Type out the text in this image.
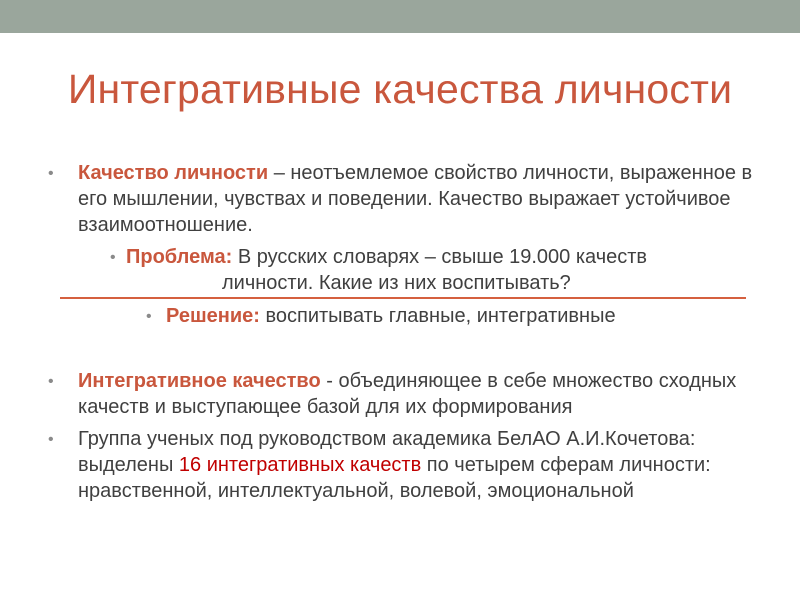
Интегративные качества личности
• Качество личности – неотъемлемое свойство личности, выраженное в его мышлении, чувствах и поведении. Качество выражает устойчивое взаимоотношение.
• Проблема: В русских словарях – свыше 19.000 качеств
личности. Какие из них воспитывать?
• Решение: воспитывать главные, интегративные
• Интегративное качество - объединяющее в себе множество сходных качеств и выступающее базой для их формирования
• Группа ученых под руководством академика БелАО А.И.Кочетова: выделены 16 интегративных качеств по четырем сферам личности: нравственной, интеллектуальной, волевой, эмоциональной
